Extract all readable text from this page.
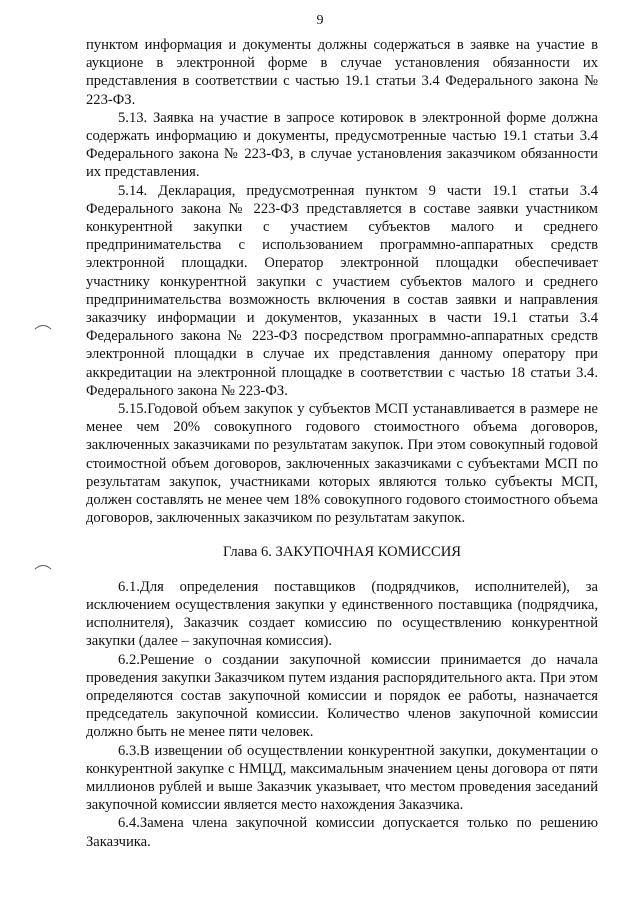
9

пунктом информация и документы должны содержаться в заявке на участие в аукционе в электронной форме в случае установления обязанности их представления в соответствии с частью 19.1 статьи 3.4 Федерального закона № 223-ФЗ.

5.13. Заявка на участие в запросе котировок в электронной форме должна содержать информацию и документы, предусмотренные частью 19.1 статьи 3.4 Федерального закона № 223-ФЗ, в случае установления заказчиком обязанности их представления.

5.14. Декларация, предусмотренная пунктом 9 части 19.1 статьи 3.4 Федерального закона № 223-ФЗ представляется в составе заявки участником конкурентной закупки с участием субъектов малого и среднего предпринимательства с использованием программно-аппаратных средств электронной площадки. Оператор электронной площадки обеспечивает участнику конкурентной закупки с участием субъектов малого и среднего предпринимательства возможность включения в состав заявки и направления заказчику информации и документов, указанных в части 19.1 статьи 3.4 Федерального закона № 223-ФЗ посредством программно-аппаратных средств электронной площадки в случае их представления данному оператору при аккредитации на электронной площадке в соответствии с частью 18 статьи 3.4. Федерального закона № 223-ФЗ.

5.15.Годовой объем закупок у субъектов МСП устанавливается в размере не менее чем 20% совокупного годового стоимостного объема договоров, заключенных заказчиками по результатам закупок. При этом совокупный годовой стоимостной объем договоров, заключенных заказчиками с субъектами МСП по результатам закупок, участниками которых являются только субъекты МСП, должен составлять не менее чем 18% совокупного годового стоимостного объема договоров, заключенных заказчиком по результатам закупок.

Глава 6. ЗАКУПОЧНАЯ КОМИССИЯ

6.1.Для определения поставщиков (подрядчиков, исполнителей), за исключением осуществления закупки у единственного поставщика (подрядчика, исполнителя), Заказчик создает комиссию по осуществлению конкурентной закупки (далее – закупочная комиссия).

6.2.Решение о создании закупочной комиссии принимается до начала проведения закупки Заказчиком путем издания распорядительного акта. При этом определяются состав закупочной комиссии и порядок ее работы, назначается председатель закупочной комиссии. Количество членов закупочной комиссии должно быть не менее пяти человек.

6.3.В извещении об осуществлении конкурентной закупки, документации о конкурентной закупке с НМЦД, максимальным значением цены договора от пяти миллионов рублей и выше Заказчик указывает, что местом проведения заседаний закупочной комиссии является место нахождения Заказчика.

6.4.Замена члена закупочной комиссии допускается только по решению Заказчика.
